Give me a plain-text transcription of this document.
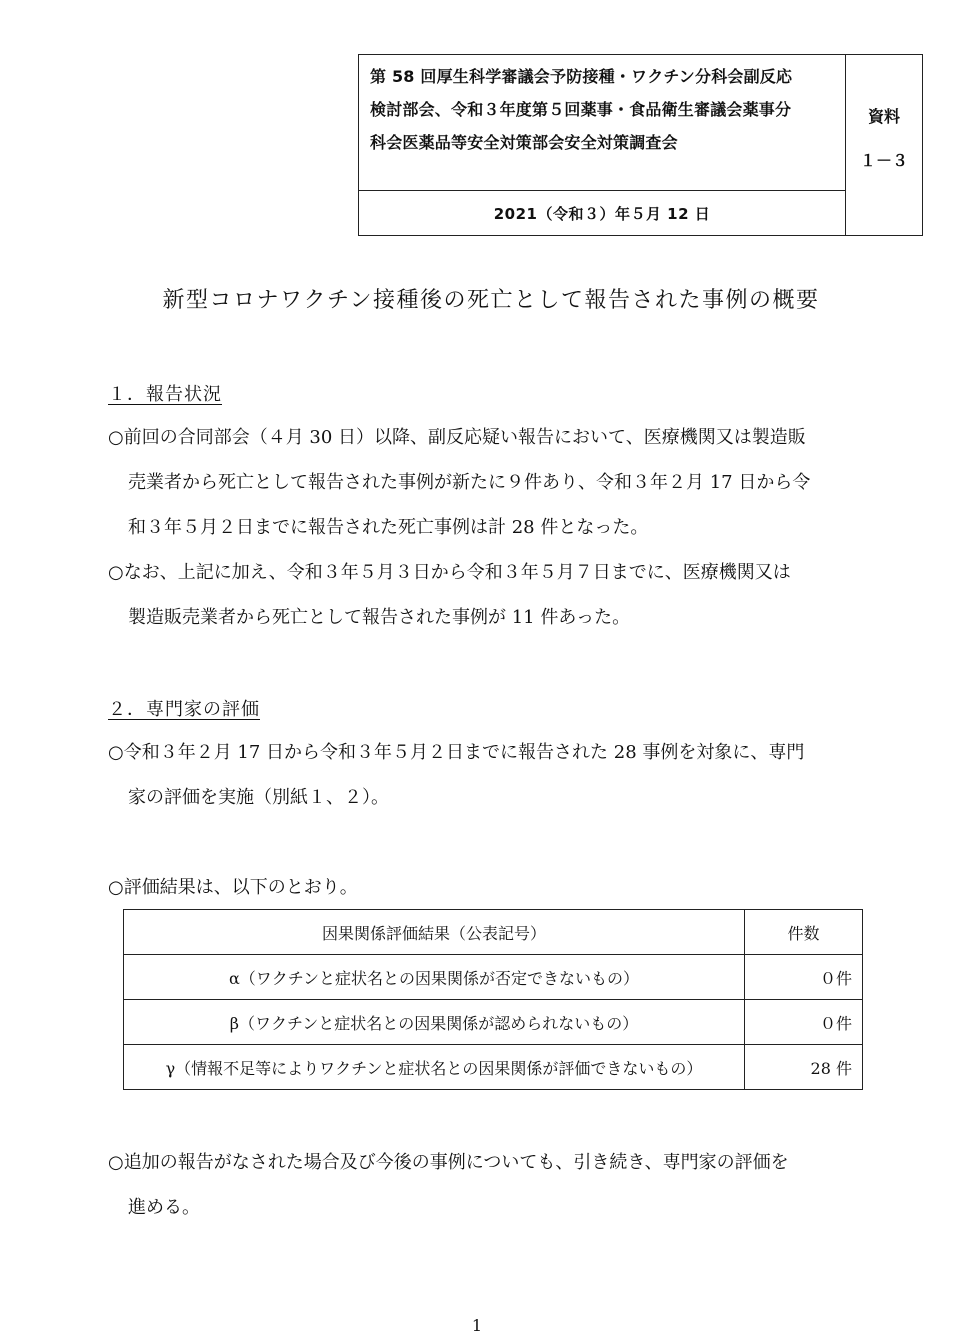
第 58 回厚生科学審議会予防接種・ワクチン分科会副反応
検討部会、令和３年度第５回薬事・食品衛生審議会薬事分
科会医薬品等安全対策部会安全対策調査会
2021（令和３）年５月 12 日
資料
１－３
新型コロナワクチン接種後の死亡として報告された事例の概要
１．報告状況
○前回の合同部会（４月 30 日）以降、副反応疑い報告において、医療機関又は製造販
売業者から死亡として報告された事例が新たに９件あり、令和３年２月 17 日から令
和３年５月２日までに報告された死亡事例は計 28 件となった。
○なお、上記に加え、令和３年５月３日から令和３年５月７日までに、医療機関又は
製造販売業者から死亡として報告された事例が 11 件あった。
２．専門家の評価
○令和３年２月 17 日から令和３年５月２日までに報告された 28 事例を対象に、専門
家の評価を実施（別紙１、２）。
○評価結果は、以下のとおり。
因果関係評価結果（公表記号）	件数
α（ワクチンと症状名との因果関係が否定できないもの）	０件
β（ワクチンと症状名との因果関係が認められないもの）	０件
γ（情報不足等によりワクチンと症状名との因果関係が評価できないもの）	28 件
○追加の報告がなされた場合及び今後の事例についても、引き続き、専門家の評価を
進める。
1
